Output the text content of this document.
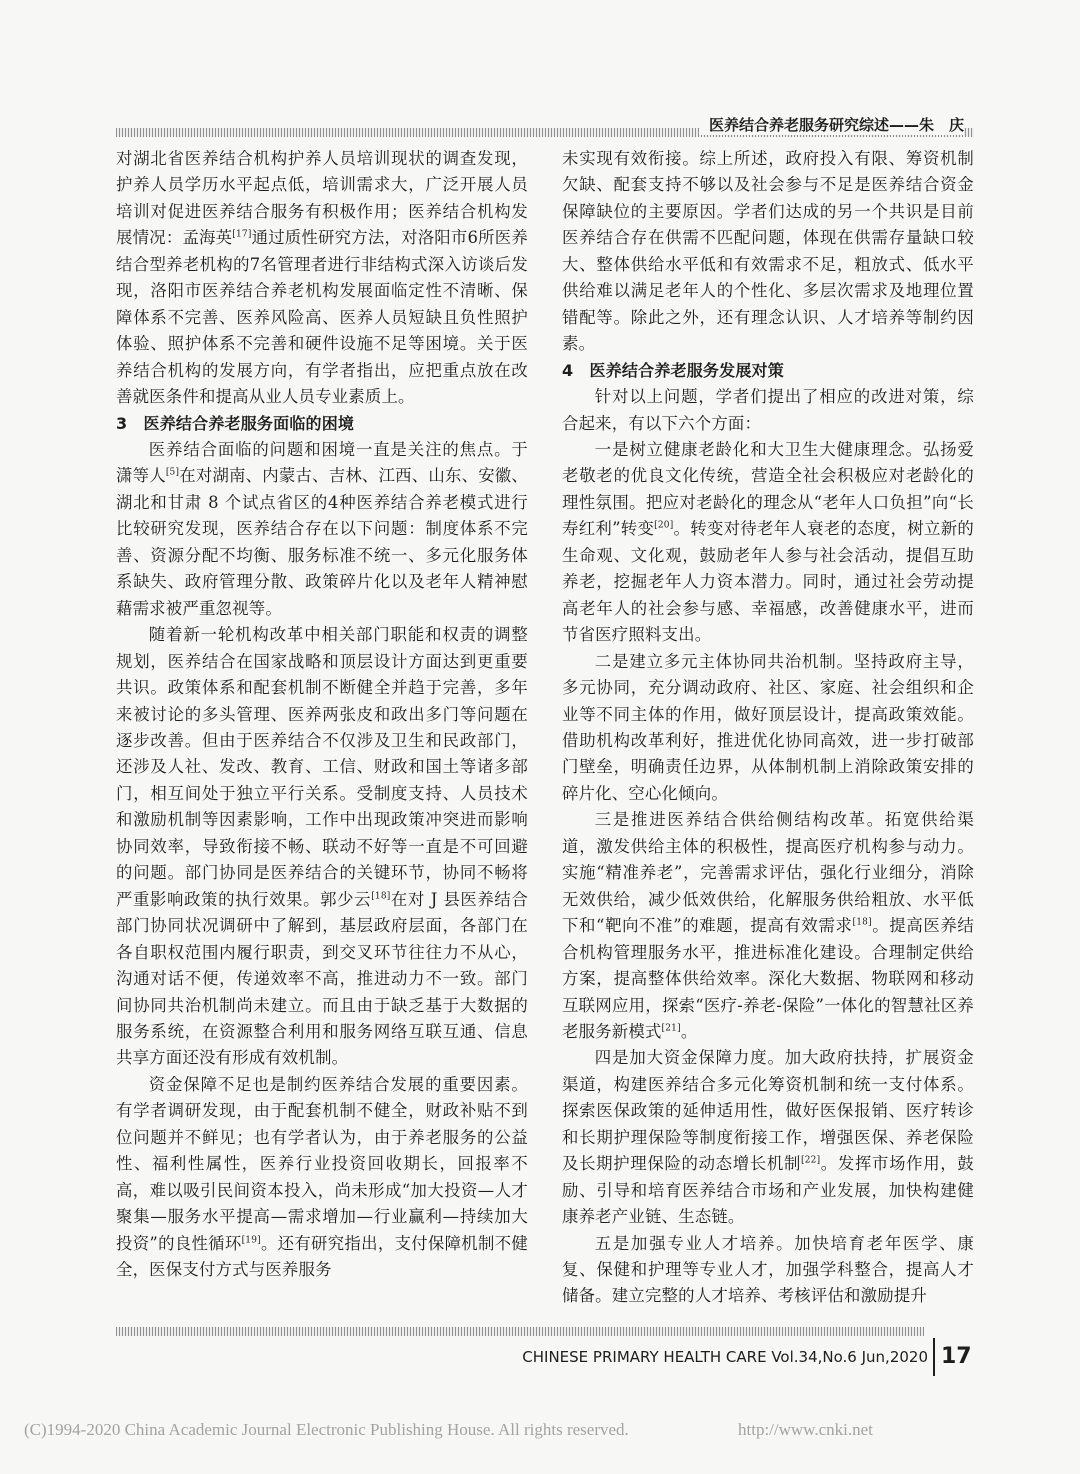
医养结合养老服务研究综述——朱　庆

对湖北省医养结合机构护养人员培训现状的调查发现，护养人员学历水平起点低，培训需求大，广泛开展人员培训对促进医养结合服务有积极作用；医养结合机构发展情况：孟海英[17]通过质性研究方法，对洛阳市6所医养结合型养老机构的7名管理者进行非结构式深入访谈后发现，洛阳市医养结合养老机构发展面临定性不清晰、保障体系不完善、医养风险高、医养人员短缺且负性照护体验、照护体系不完善和硬件设施不足等困境。关于医养结合机构的发展方向，有学者指出，应把重点放在改善就医条件和提高从业人员专业素质上。

3　医养结合养老服务面临的困境

医养结合面临的问题和困境一直是关注的焦点。于潇等人[5]在对湖南、内蒙古、吉林、江西、山东、安徽、湖北和甘肃 8 个试点省区的4种医养结合养老模式进行比较研究发现，医养结合存在以下问题：制度体系不完善、资源分配不均衡、服务标准不统一、多元化服务体系缺失、政府管理分散、政策碎片化以及老年人精神慰藉需求被严重忽视等。

随着新一轮机构改革中相关部门职能和权责的调整规划，医养结合在国家战略和顶层设计方面达到更重要共识。政策体系和配套机制不断健全并趋于完善，多年来被讨论的多头管理、医养两张皮和政出多门等问题在逐步改善。但由于医养结合不仅涉及卫生和民政部门，还涉及人社、发改、教育、工信、财政和国土等诸多部门，相互间处于独立平行关系。受制度支持、人员技术和激励机制等因素影响，工作中出现政策冲突进而影响协同效率，导致衔接不畅、联动不好等一直是不可回避的问题。部门协同是医养结合的关键环节，协同不畅将严重影响政策的执行效果。郭少云[18]在对 J 县医养结合部门协同状况调研中了解到，基层政府层面，各部门在各自职权范围内履行职责，到交叉环节往往力不从心，沟通对话不便，传递效率不高，推进动力不一致。部门间协同共治机制尚未建立。而且由于缺乏基于大数据的服务系统，在资源整合利用和服务网络互联互通、信息共享方面还没有形成有效机制。

资金保障不足也是制约医养结合发展的重要因素。有学者调研发现，由于配套机制不健全，财政补贴不到位问题并不鲜见；也有学者认为，由于养老服务的公益性、福利性属性，医养行业投资回收期长，回报率不高，难以吸引民间资本投入，尚未形成“加大投资—人才聚集—服务水平提高—需求增加—行业赢利—持续加大投资”的良性循环[19]。还有研究指出，支付保障机制不健全，医保支付方式与医养服务

未实现有效衔接。综上所述，政府投入有限、筹资机制欠缺、配套支持不够以及社会参与不足是医养结合资金保障缺位的主要原因。学者们达成的另一个共识是目前医养结合存在供需不匹配问题，体现在供需存量缺口较大、整体供给水平低和有效需求不足，粗放式、低水平供给难以满足老年人的个性化、多层次需求及地理位置错配等。除此之外，还有理念认识、人才培养等制约因素。

4　医养结合养老服务发展对策

针对以上问题，学者们提出了相应的改进对策，综合起来，有以下六个方面：

一是树立健康老龄化和大卫生大健康理念。弘扬爱老敬老的优良文化传统，营造全社会积极应对老龄化的理性氛围。把应对老龄化的理念从“老年人口负担”向“长寿红利”转变[20]。转变对待老年人衰老的态度，树立新的生命观、文化观，鼓励老年人参与社会活动，提倡互助养老，挖掘老年人力资本潜力。同时，通过社会劳动提高老年人的社会参与感、幸福感，改善健康水平，进而节省医疗照料支出。

二是建立多元主体协同共治机制。坚持政府主导，多元协同，充分调动政府、社区、家庭、社会组织和企业等不同主体的作用，做好顶层设计，提高政策效能。借助机构改革利好，推进优化协同高效，进一步打破部门壁垒，明确责任边界，从体制机制上消除政策安排的碎片化、空心化倾向。

三是推进医养结合供给侧结构改革。拓宽供给渠道，激发供给主体的积极性，提高医疗机构参与动力。实施“精准养老”，完善需求评估，强化行业细分，消除无效供给，减少低效供给，化解服务供给粗放、水平低下和“靶向不准”的难题，提高有效需求[18]。提高医养结合机构管理服务水平，推进标准化建设。合理制定供给方案，提高整体供给效率。深化大数据、物联网和移动互联网应用，探索“医疗-养老-保险”一体化的智慧社区养老服务新模式[21]。

四是加大资金保障力度。加大政府扶持，扩展资金渠道，构建医养结合多元化筹资机制和统一支付体系。探索医保政策的延伸适用性，做好医保报销、医疗转诊和长期护理保险等制度衔接工作，增强医保、养老保险及长期护理保险的动态增长机制[22]。发挥市场作用，鼓励、引导和培育医养结合市场和产业发展，加快构建健康养老产业链、生态链。

五是加强专业人才培养。加快培育老年医学、康复、保健和护理等专业人才，加强学科整合，提高人才储备。建立完整的人才培养、考核评估和激励提升

CHINESE PRIMARY HEALTH CARE Vol.34,No.6 Jun,2020 17
(C)1994-2020 China Academic Journal Electronic Publishing House. All rights reserved.	http://www.cnki.net
